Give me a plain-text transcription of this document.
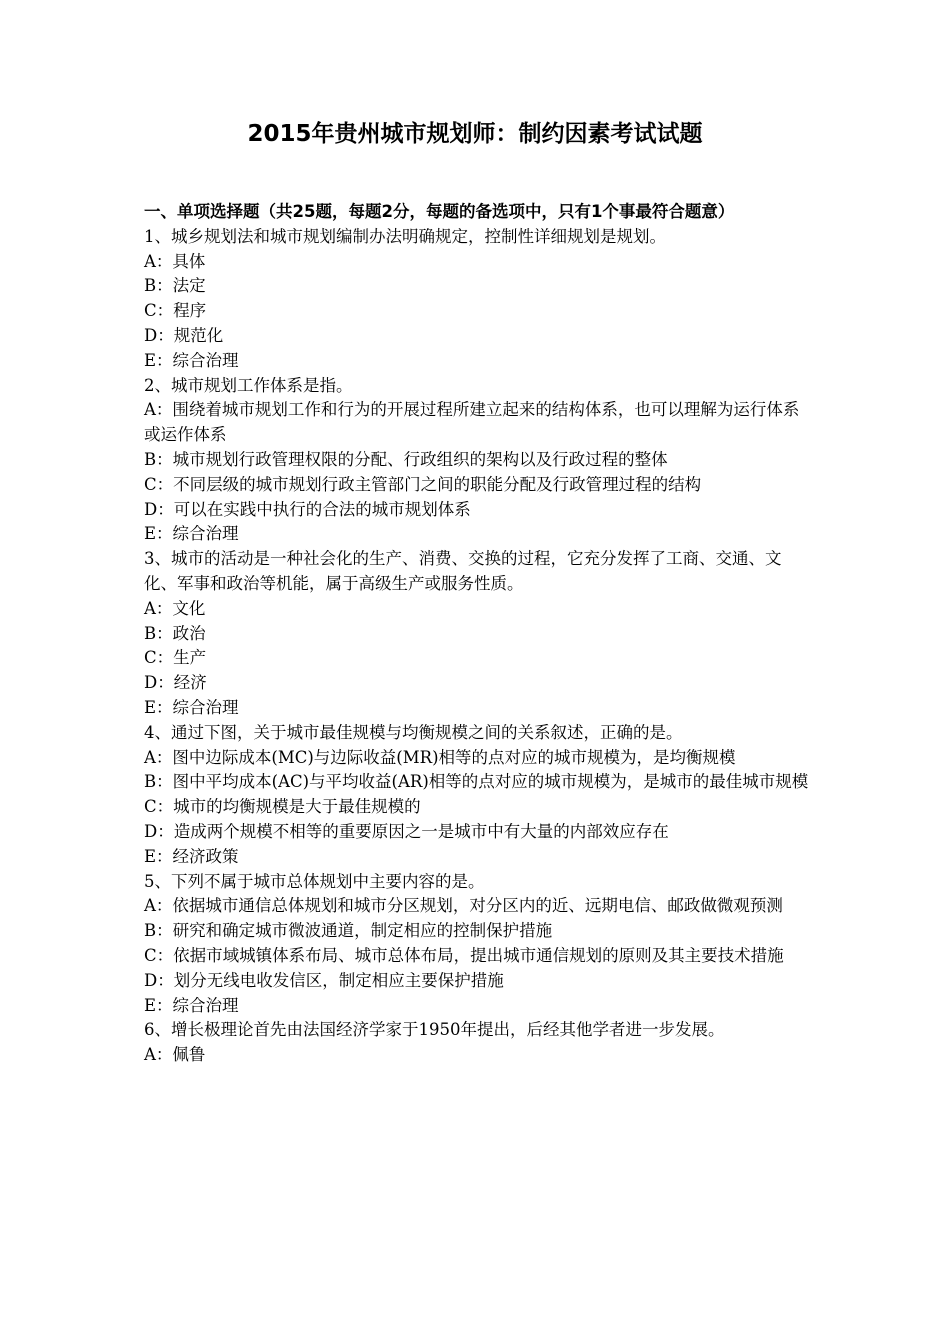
2015年贵州城市规划师：制约因素考试试题

一、单项选择题（共25题，每题2分，每题的备选项中，只有1个事最符合题意）

1、城乡规划法和城市规划编制办法明确规定，控制性详细规划是规划。

A：具体

B：法定

C：程序

D：规范化

E：综合治理

2、城市规划工作体系是指。

A：围绕着城市规划工作和行为的开展过程所建立起来的结构体系，也可以理解为运行体系或运作体系

B：城市规划行政管理权限的分配、行政组织的架构以及行政过程的整体

C：不同层级的城市规划行政主管部门之间的职能分配及行政管理过程的结构

D：可以在实践中执行的合法的城市规划体系

E：综合治理

3、城市的活动是一种社会化的生产、消费、交换的过程，它充分发挥了工商、交通、文化、军事和政治等机能，属于高级生产或服务性质。

A：文化

B：政治

C：生产

D：经济

E：综合治理

4、通过下图，关于城市最佳规模与均衡规模之间的关系叙述，正确的是。

A：图中边际成本(MC)与边际收益(MR)相等的点对应的城市规模为，是均衡规模

B：图中平均成本(AC)与平均收益(AR)相等的点对应的城市规模为，是城市的最佳城市规模

C：城市的均衡规模是大于最佳规模的

D：造成两个规模不相等的重要原因之一是城市中有大量的内部效应存在

E：经济政策

5、下列不属于城市总体规划中主要内容的是。

A：依据城市通信总体规划和城市分区规划，对分区内的近、远期电信、邮政做微观预测

B：研究和确定城市微波通道，制定相应的控制保护措施

C：依据市域城镇体系布局、城市总体布局，提出城市通信规划的原则及其主要技术措施

D：划分无线电收发信区，制定相应主要保护措施

E：综合治理

6、增长极理论首先由法国经济学家于1950年提出，后经其他学者进一步发展。

A：佩鲁
